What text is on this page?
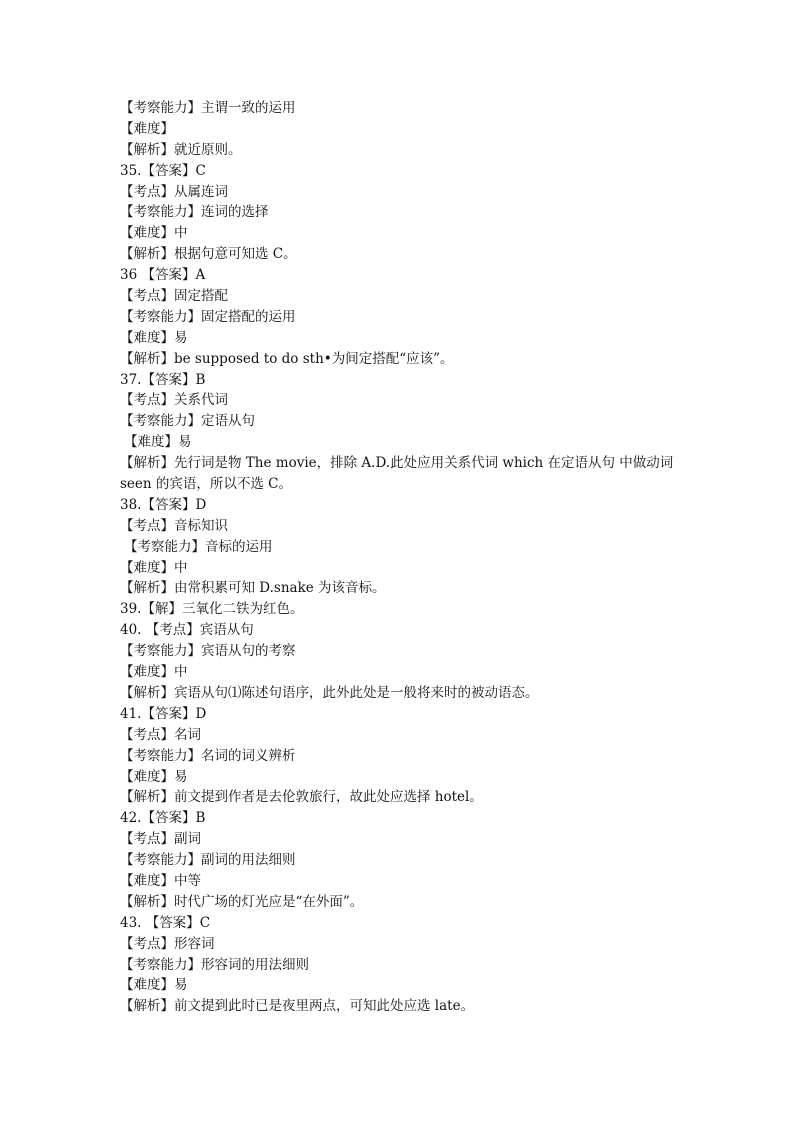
【考察能力】主谓一致的运用
【难度】
【解析】就近原则。
35.【答案】C
【考点】从属连词
【考察能力】连词的选择
【难度】中
【解析】根据句意可知选 C。
36 【答案】A
【考点】固定搭配
【考察能力】固定搭配的运用
【难度】易
【解析】be supposed to do sth•为间定搭配“应该”。
37.【答案】B
【考点】关系代词
【考察能力】定语从句
【难度】易
【解析】先行词是物 The movie，排除 A.D.此处应用关系代词 which 在定语从句 中做动词
seen 的宾语，所以不选 C。
38.【答案】D
【考点】音标知识
【考察能力】音标的运用
【难度】中
【解析】由常积累可知 D.snake 为该音标。
39.【解】三氧化二铁为红色。
40. 【考点】宾语从句
【考察能力】宾语从句的考察
【难度】中
【解析】宾语从句⑴陈述句语序，此外此处是一般将来时的被动语态。
41.【答案】D
【考点】名词
【考察能力】名词的词义辨析
【难度】易
【解析】前文提到作者是去伦敦旅行，故此处应选择 hotel。
42.【答案】B
【考点】副词
【考察能力】副词的用法细则
【难度】中等
【解析】时代广场的灯光应是“在外面”。
43. 【答案】C
【考点】形容词
【考察能力】形容词的用法细则
【难度】易
【解析】前文提到此时已是夜里两点，可知此处应选 late。
